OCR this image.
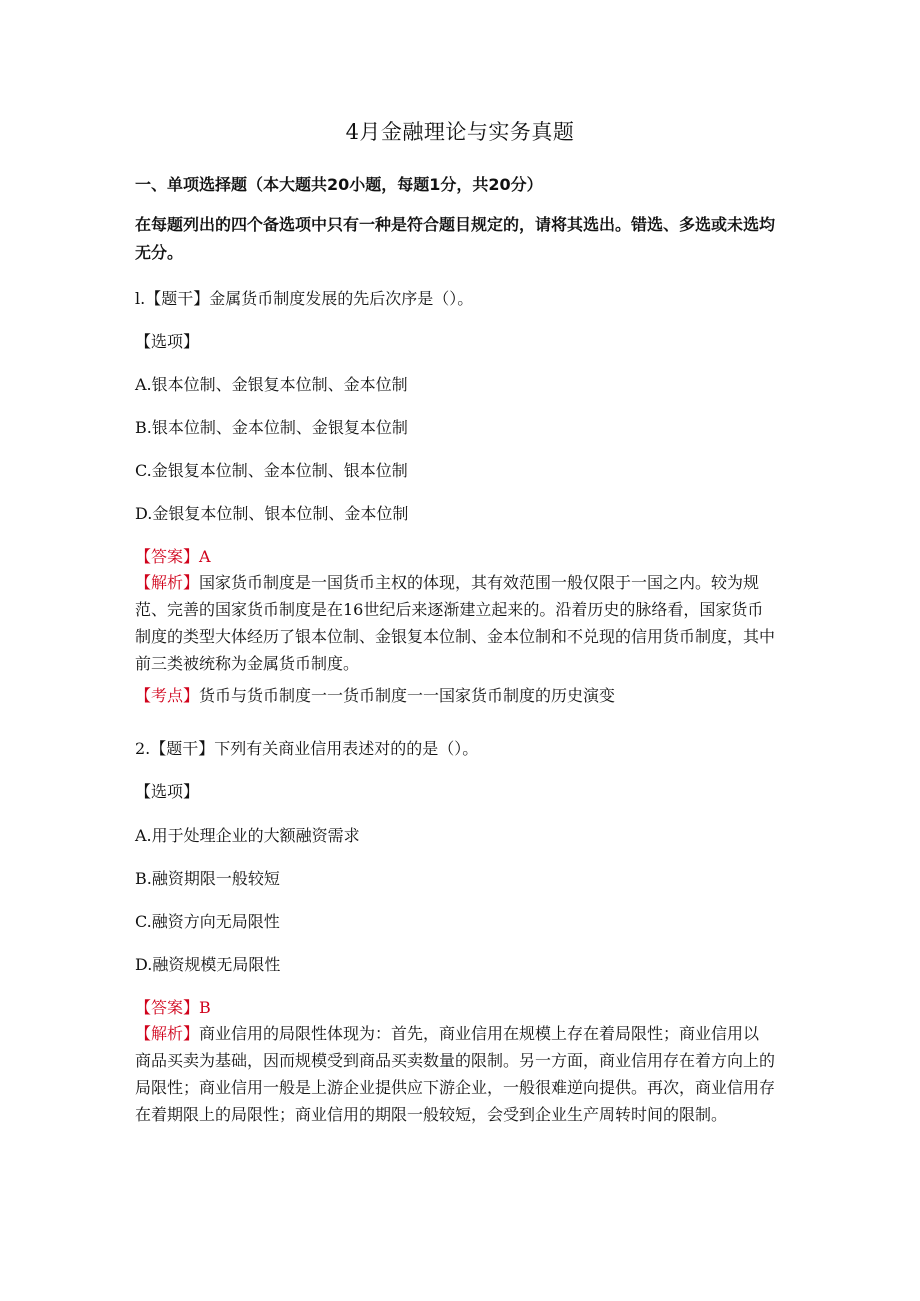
4月金融理论与实务真题
一、单项选择题（本大题共20小题，每题1分，共20分）
在每题列出的四个备选项中只有一种是符合题目规定的，请将其选出。错选、多选或未选均无分。
l.【题干】金属货币制度发展的先后次序是（）。
【选项】
A.银本位制、金银复本位制、金本位制
B.银本位制、金本位制、金银复本位制
C.金银复本位制、金本位制、银本位制
D.金银复本位制、银本位制、金本位制
【答案】A
【解析】国家货币制度是一国货币主权的体现，其有效范围一般仅限于一国之内。较为规范、完善的国家货币制度是在16世纪后来逐渐建立起来的。沿着历史的脉络看，国家货币制度的类型大体经历了银本位制、金银复本位制、金本位制和不兑现的信用货币制度，其中前三类被统称为金属货币制度。
【考点】货币与货币制度一一货币制度一一国家货币制度的历史演变
2.【题干】下列有关商业信用表述对的的是（）。
【选项】
A.用于处理企业的大额融资需求
B.融资期限一般较短
C.融资方向无局限性
D.融资规模无局限性
【答案】B
【解析】商业信用的局限性体现为：首先，商业信用在规模上存在着局限性；商业信用以商品买卖为基础，因而规模受到商品买卖数量的限制。另一方面，商业信用存在着方向上的局限性；商业信用一般是上游企业提供应下游企业，一般很难逆向提供。再次，商业信用存在着期限上的局限性；商业信用的期限一般较短，会受到企业生产周转时间的限制。
